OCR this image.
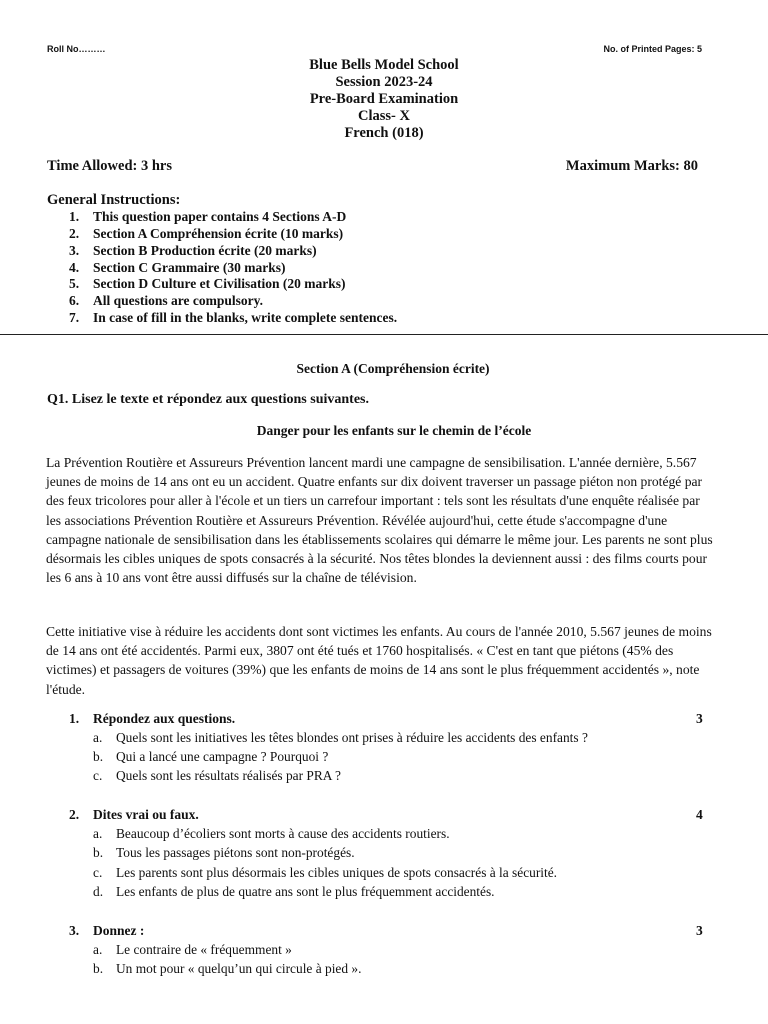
Roll No………	No. of Printed Pages: 5
Blue Bells Model School
Session 2023-24
Pre-Board Examination
Class- X
French (018)
Time Allowed: 3 hrs	Maximum Marks: 80
General Instructions:
1. This question paper contains 4 Sections A-D
2. Section A Compréhension écrite (10 marks)
3. Section B Production écrite (20 marks)
4. Section C Grammaire (30 marks)
5. Section D Culture et Civilisation (20 marks)
6. All questions are compulsory.
7. In case of fill in the blanks, write complete sentences.
Section A (Compréhension écrite)
Q1. Lisez le texte et répondez aux questions suivantes.
Danger pour les enfants sur le chemin de l’école
La Prévention Routière et Assureurs Prévention lancent mardi une campagne de sensibilisation. L'année dernière, 5.567 jeunes de moins de 14 ans ont eu un accident. Quatre enfants sur dix doivent traverser un passage piéton non protégé par des feux tricolores pour aller à l'école et un tiers un carrefour important : tels sont les résultats d'une enquête réalisée par les associations Prévention Routière et Assureurs Prévention. Révélée aujourd'hui, cette étude s'accompagne d'une campagne nationale de sensibilisation dans les établissements scolaires qui démarre le même jour. Les parents ne sont plus désormais les cibles uniques de spots consacrés à la sécurité. Nos têtes blondes la deviennent aussi : des films courts pour les 6 ans à 10 ans vont être aussi diffusés sur la chaîne de télévision.
Cette initiative vise à réduire les accidents dont sont victimes les enfants. Au cours de l'année 2010, 5.567 jeunes de moins de 14 ans ont été accidentés. Parmi eux, 3807 ont été tués et 1760 hospitalisés. « C'est en tant que piétons (45% des victimes) et passagers de voitures (39%) que les enfants de moins de 14 ans sont le plus fréquemment accidentés », note l'étude.
1. Répondez aux questions.	3
a. Quels sont les initiatives les têtes blondes ont prises à réduire les accidents des enfants ?
b. Qui a lancé une campagne ? Pourquoi ?
c. Quels sont les résultats réalisés par PRA ?
2. Dites vrai ou faux.	4
a. Beaucoup d’écoliers sont morts à cause des accidents routiers.
b. Tous les passages piétons sont non-protégés.
c. Les parents sont plus désormais les cibles uniques de spots consacrés à la sécurité.
d. Les enfants de plus de quatre ans sont le plus fréquemment accidentés.
3. Donnez :	3
a. Le contraire de « fréquemment »
b. Un mot pour « quelqu’un qui circule à pied ».
